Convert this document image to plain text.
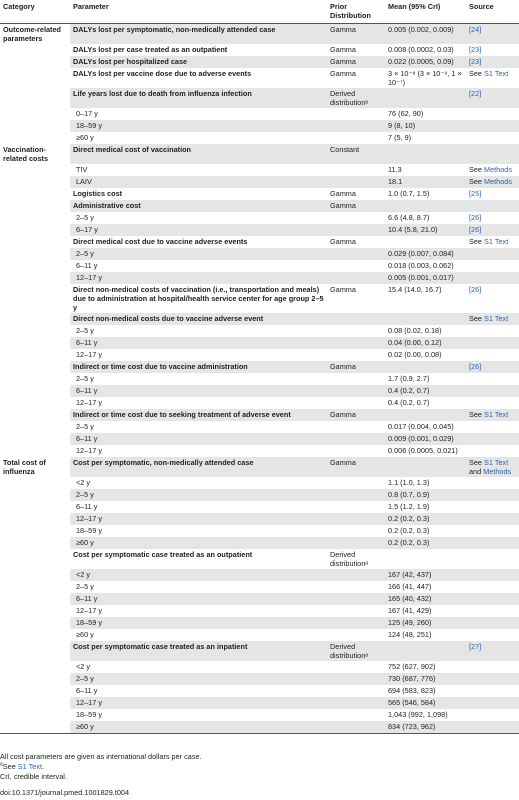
Category	Parameter	Prior Distribution	Mean (95% CrI)	Source
Outcome-related parameters	DALYs lost per symptomatic, non-medically attended case	Gamma	0.005 (0.002, 0.009)	[24]
	DALYs lost per case treated as an outpatient	Gamma	0.008 (0.0002, 0.03)	[23]
	DALYs lost per hospitalized case	Gamma	0.022 (0.0005, 0.09)	[23]
	DALYs lost per vaccine dose due to adverse events	Gamma	3 × 10⁻⁸ (3 × 10⁻⁹, 1 × 10⁻⁷)	See S1 Text
	Life years lost due to death from influenza infection	Derived distributionᵃ		[22]
	0–17 y		76 (62, 90)	
	18–59 y		9 (8, 10)	
	≥60 y		7 (5, 9)	
Vaccination-related costs	Direct medical cost of vaccination	Constant		
	TIV		11.3	See Methods
	LAIV		18.1	See Methods
	Logistics cost	Gamma	1.0 (0.7, 1.5)	[25]
	Administrative cost	Gamma		
	2–5 y		6.6 (4.8, 8.7)	[26]
	6–17 y		10.4 (5.8, 21.0)	[26]
	Direct medical cost due to vaccine adverse events	Gamma		See S1 Text
	2–5 y		0.029 (0.007, 0.084)	
	6–11 y		0.018 (0.003, 0.062)	
	12–17 y		0.005 (0.001, 0.017)	
	Direct non-medical costs of vaccination (i.e., transportation and meals) due to administration at hospital/health service center for age group 2–5 y	Gamma	15.4 (14.0, 16.7)	[26]
	Direct non-medical costs due to vaccine adverse event			See S1 Text
	2–5 y		0.08 (0.02, 0.18)	
	6–11 y		0.04 (0.00, 0.12)	
	12–17 y		0.02 (0.00, 0.08)	
	Indirect or time cost due to vaccine administration	Gamma		[26]
	2–5 y		1.7 (0.9, 2.7)	
	6–11 y		0.4 (0.2, 0.7)	
	12–17 y		0.4 (0.2, 0.7)	
	Indirect or time cost due to seeking treatment of adverse event	Gamma		See S1 Text
	2–5 y		0.017 (0.004, 0.045)	
	6–11 y		0.009 (0.001, 0.029)	
	12–17 y		0.006 (0.0005, 0.021)	
Total cost of influenza	Cost per symptomatic, non-medically attended case	Gamma		See S1 Text and Methods
	<2 y		1.1 (1.0, 1.3)	
	2–5 y		0.8 (0.7, 0.9)	
	6–11 y		1.5 (1.2, 1.9)	
	12–17 y		0.2 (0.2, 0.3)	
	18–59 y		0.2 (0.2, 0.3)	
	≥60 y		0.2 (0.2, 0.3)	
	Cost per symptomatic case treated as an outpatient	Derived distributionᵃ		
	<2 y		167 (42, 437)	
	2–5 y		166 (41, 447)	
	6–11 y		165 (40, 432)	
	12–17 y		167 (41, 429)	
	18–59 y		125 (49, 260)	
	≥60 y		124 (48, 251)	
	Cost per symptomatic case treated as an inpatient	Derived distributionᵃ		[27]
	<2 y		752 (627, 902)	
	2–5 y		730 (687, 776)	
	6–11 y		694 (583, 823)	
	12–17 y		565 (546, 584)	
	18–59 y		1,043 (992, 1,098)	
	≥60 y		834 (723, 962)	
All cost parameters are given as international dollars per case.
$^a$See S1 Text.
CrI, credible interval.
doi:10.1371/journal.pmed.1001829.t004
